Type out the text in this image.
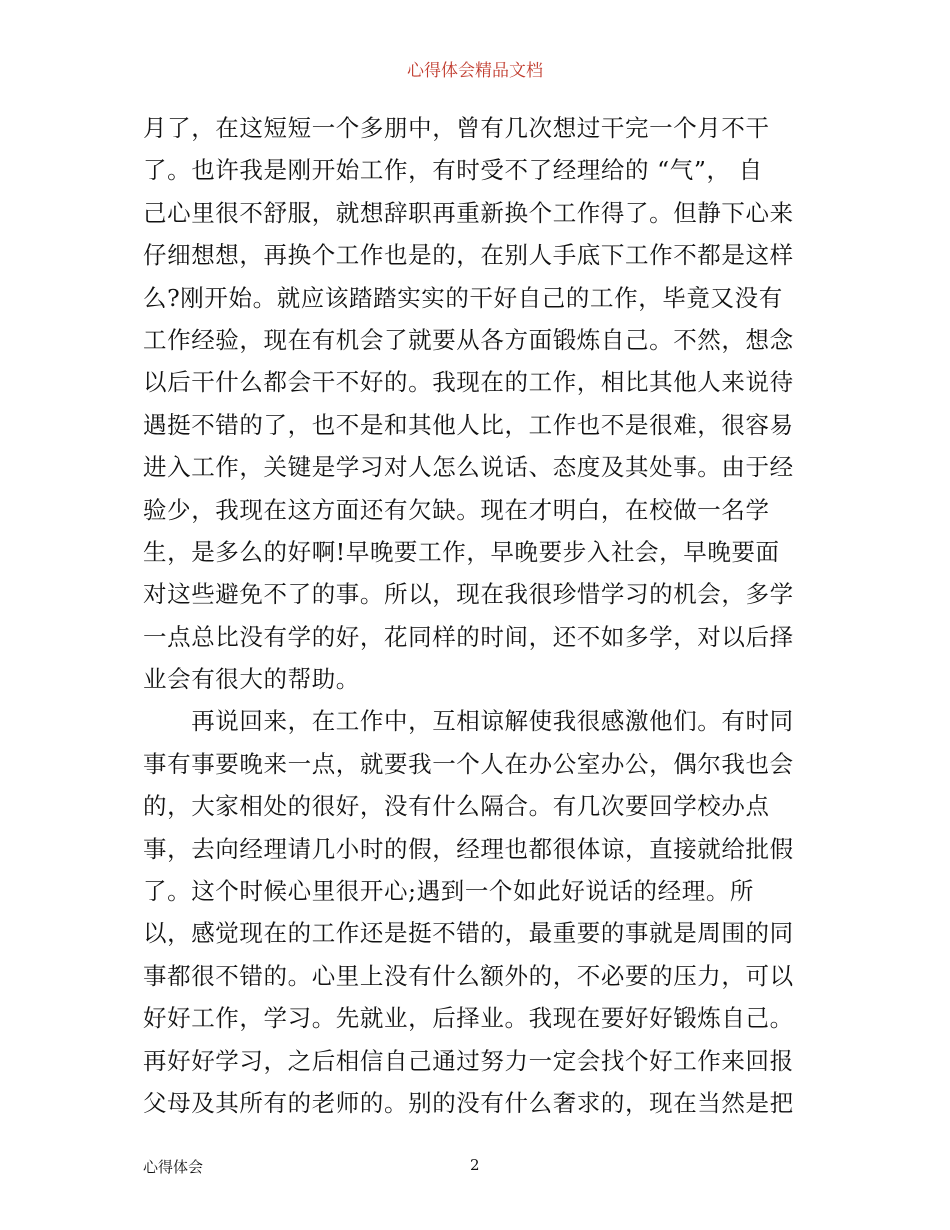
心得体会精品文档
月了，在这短短一个多朋中，曾有几次想过干完一个月不干
了。也许我是刚开始工作，有时受不了经理给的 “气”， 自
己心里很不舒服，就想辞职再重新换个工作得了。但静下心来
仔细想想，再换个工作也是的，在别人手底下工作不都是这样
么?刚开始。就应该踏踏实实的干好自己的工作，毕竟又没有
工作经验，现在有机会了就要从各方面锻炼自己。不然，想念
以后干什么都会干不好的。我现在的工作，相比其他人来说待
遇挺不错的了，也不是和其他人比，工作也不是很难，很容易
进入工作，关键是学习对人怎么说话、态度及其处事。由于经
验少，我现在这方面还有欠缺。现在才明白，在校做一名学
生，是多么的好啊!早晚要工作，早晚要步入社会，早晚要面
对这些避免不了的事。所以，现在我很珍惜学习的机会，多学
一点总比没有学的好，花同样的时间，还不如多学，对以后择
业会有很大的帮助。
　　再说回来，在工作中，互相谅解使我很感激他们。有时同
事有事要晚来一点，就要我一个人在办公室办公，偶尔我也会
的，大家相处的很好，没有什么隔合。有几次要回学校办点
事，去向经理请几小时的假，经理也都很体谅，直接就给批假
了。这个时候心里很开心;遇到一个如此好说话的经理。所
以，感觉现在的工作还是挺不错的，最重要的事就是周围的同
事都很不错的。心里上没有什么额外的，不必要的压力，可以
好好工作，学习。先就业，后择业。我现在要好好锻炼自己。
再好好学习，之后相信自己通过努力一定会找个好工作来回报
父母及其所有的老师的。别的没有什么奢求的，现在当然是把
心得体会	2
